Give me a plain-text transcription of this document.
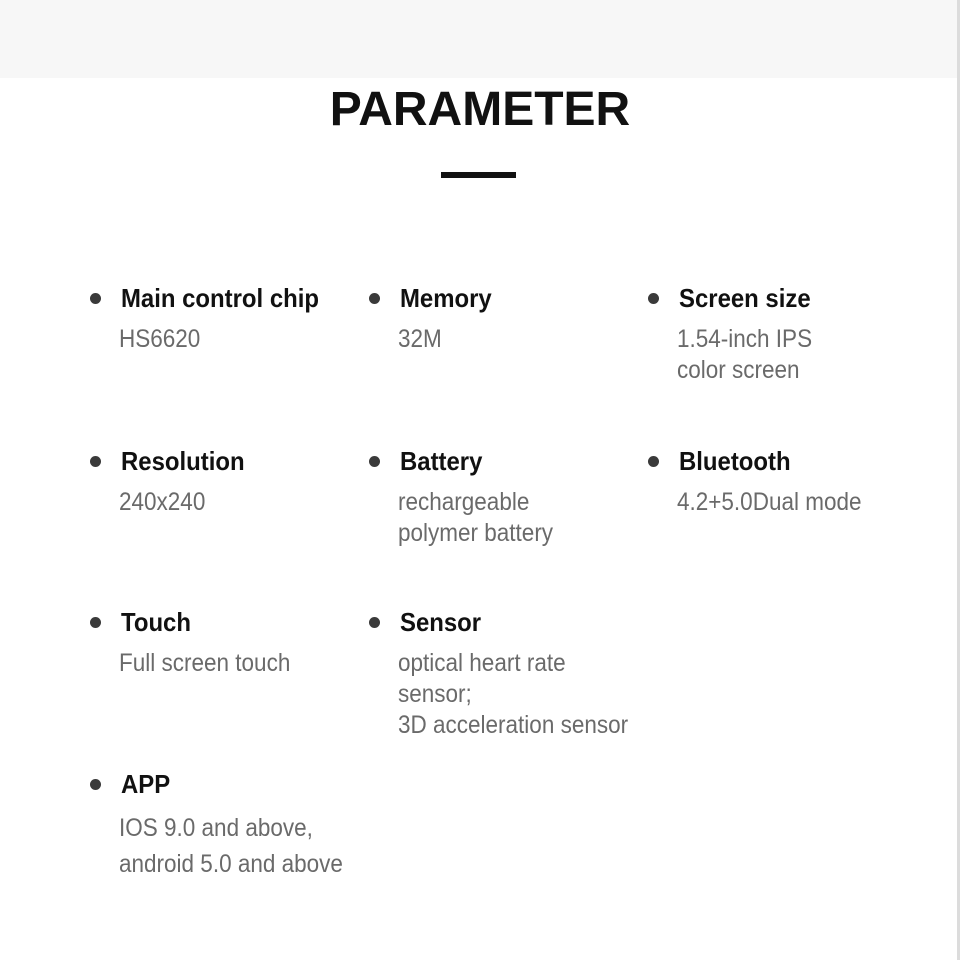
PARAMETER
Main control chip
HS6620
Memory
32M
Screen size
1.54-inch IPS
color screen
Resolution
240x240
Battery
rechargeable
polymer battery
Bluetooth
4.2+5.0Dual mode
Touch
Full screen touch
Sensor
optical heart rate sensor;
3D acceleration sensor
APP
IOS 9.0 and above,
android 5.0 and above
